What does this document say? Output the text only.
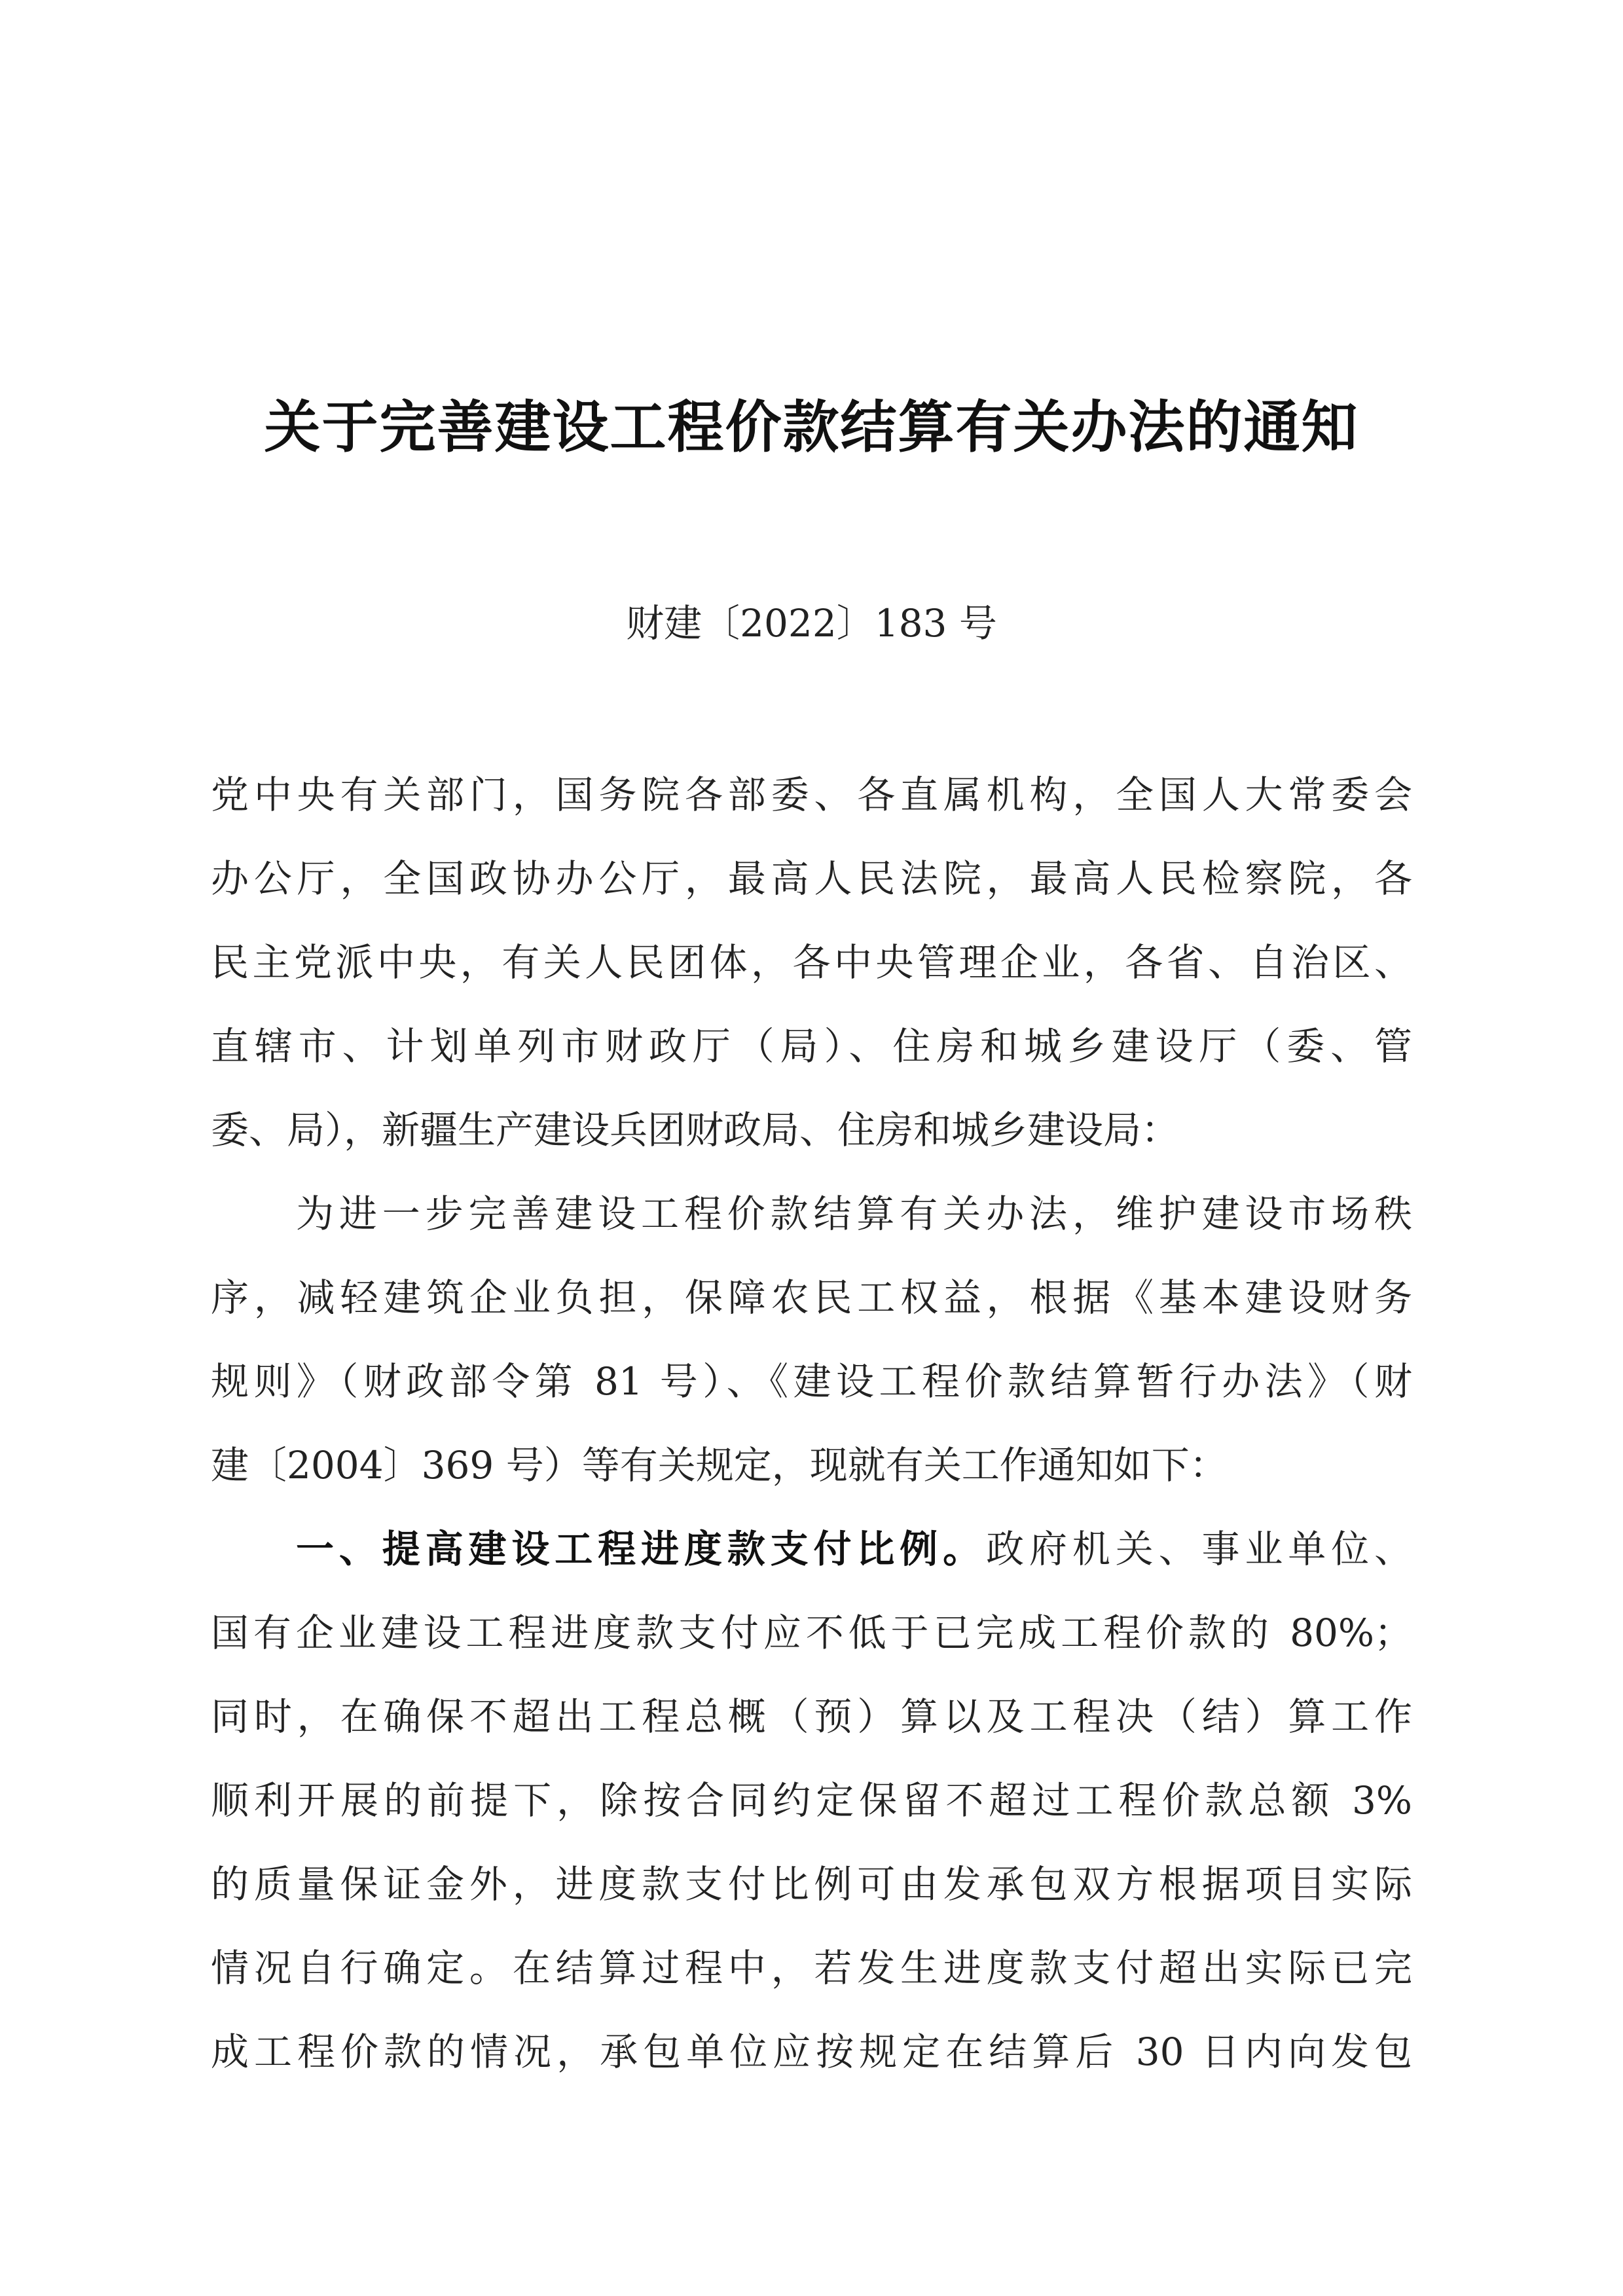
关于完善建设工程价款结算有关办法的通知
财建〔2022〕183 号
党中央有关部门，国务院各部委、各直属机构，全国人大常委会
办公厅，全国政协办公厅，最高人民法院，最高人民检察院，各
民主党派中央，有关人民团体，各中央管理企业，各省、自治区、
直辖市、计划单列市财政厅（局）、住房和城乡建设厅（委、管
委、局），新疆生产建设兵团财政局、住房和城乡建设局：
为进一步完善建设工程价款结算有关办法，维护建设市场秩
序，减轻建筑企业负担，保障农民工权益，根据《基本建设财务
规则》（财政部令第 81 号）、《建设工程价款结算暂行办法》（财
建〔2004〕369 号）等有关规定，现就有关工作通知如下：
一、提高建设工程进度款支付比例。政府机关、事业单位、
国有企业建设工程进度款支付应不低于已完成工程价款的 80%；
同时，在确保不超出工程总概（预）算以及工程决（结）算工作
顺利开展的前提下，除按合同约定保留不超过工程价款总额 3%
的质量保证金外，进度款支付比例可由发承包双方根据项目实际
情况自行确定。在结算过程中，若发生进度款支付超出实际已完
成工程价款的情况，承包单位应按规定在结算后 30 日内向发包
